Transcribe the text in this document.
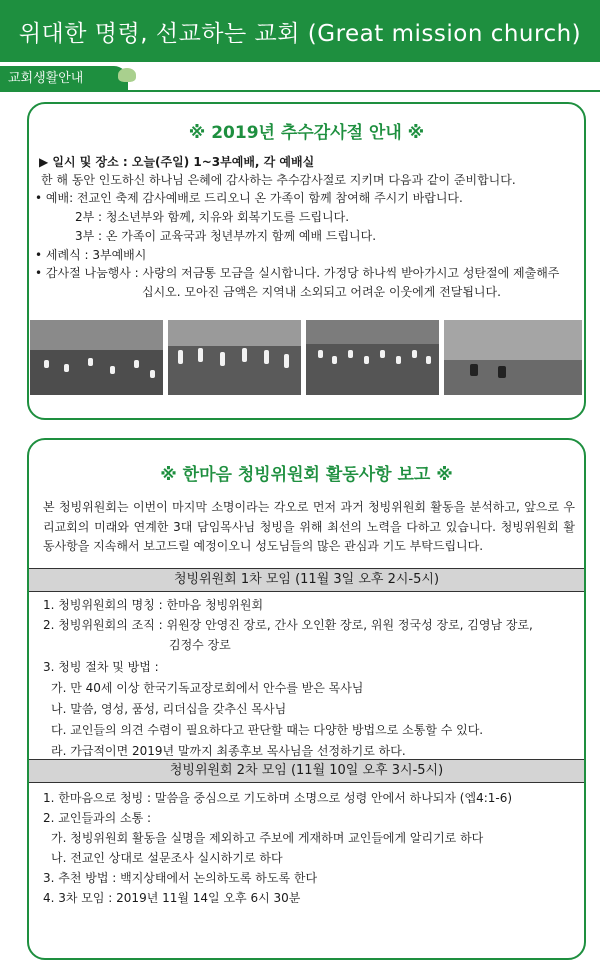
위대한 명령, 선교하는 교회 (Great mission church)
교회생활안내
※ 2019년 추수감사절 안내 ※
▶ 일시 및 장소 : 오늘(주일) 1~3부예배, 각 예배실
한 해 동안 인도하신 하나님 은혜에 감사하는 추수감사절로 지키며 다음과 같이 준비합니다.
• 예배: 전교인 축제 감사예배로 드리오니 온 가족이 함께 참여해 주시기 바랍니다.
2부 : 청소년부와 함께, 치유와 회복기도를 드립니다.
3부 : 온 가족이 교육국과 청년부까지 함께 예배 드립니다.
• 세례식 : 3부예배시
• 감사절 나눔행사 : 사랑의 저금통 모금을 실시합니다. 가정당 하나씩 받아가시고 성탄절에 제출해주
십시오. 모아진 금액은 지역내 소외되고 어려운 이웃에게 전달됩니다.
※ 한마음 청빙위원회 활동사항 보고 ※
본 청빙위원회는 이번이 마지막 소명이라는 각오로 먼저 과거 청빙위원회 활동을 분석하고, 앞으로 우리교회의 미래와 연계한 3대 담임목사님 청빙을 위해 최선의 노력을 다하고 있습니다. 청빙위원회 활동사항을 지속해서 보고드릴 예정이오니 성도님들의 많은 관심과 기도 부탁드립니다.
청빙위원회 1차 모임 (11월 3일 오후 2시-5시)
1. 청빙위원회의 명칭 : 한마음 청빙위원회
2. 청빙위원회의 조직 : 위원장 안영진 장로, 간사 오인환 장로, 위원 정국성 장로, 김영남 장로,
김정수 장로
3. 청빙 절차 및 방법 :
가. 만 40세 이상 한국기독교장로회에서 안수를 받은 목사님
나. 말씀, 영성, 품성, 리더십을 갖추신 목사님
다. 교인들의 의견 수렴이 필요하다고 판단할 때는 다양한 방법으로 소통할 수 있다.
라. 가급적이면 2019년 말까지 최종후보 목사님을 선정하기로 하다.
청빙위원회 2차 모임 (11월 10일 오후 3시-5시)
1. 한마음으로 청빙 : 말씀을 중심으로 기도하며 소명으로 성령 안에서 하나되자 (엡4:1-6)
2. 교인들과의 소통 :
가. 청빙위원회 활동을 실명을 제외하고 주보에 게재하며 교인들에게 알리기로 하다
나. 전교인 상대로 설문조사 실시하기로 하다
3. 추천 방법 : 백지상태에서 논의하도록 하도록 한다
4. 3차 모임 : 2019년 11월 14일 오후 6시 30분
